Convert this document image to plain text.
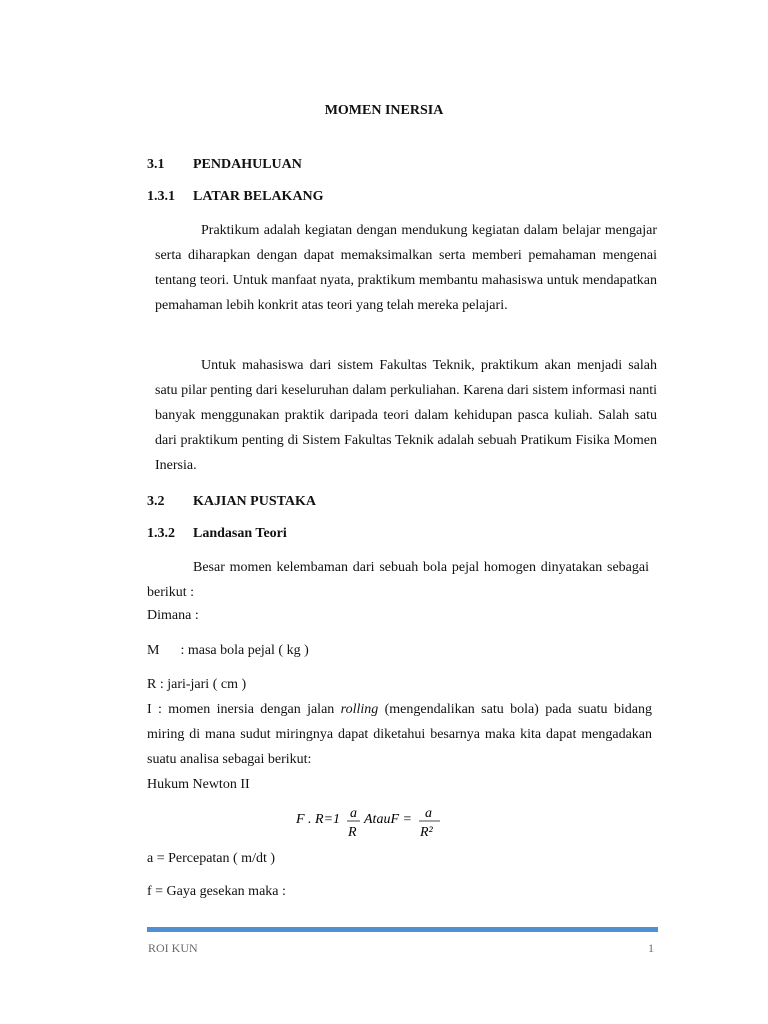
MOMEN INERSIA
3.1 PENDAHULUAN
1.3.1 LATAR BELAKANG

Praktikum adalah kegiatan dengan mendukung kegiatan dalam belajar mengajar serta diharapkan dengan dapat memaksimalkan serta memberi pemahaman mengenai tentang teori. Untuk manfaat nyata, praktikum membantu mahasiswa untuk mendapatkan pemahaman lebih konkrit atas teori yang telah mereka pelajari.

Untuk mahasiswa dari sistem Fakultas Teknik, praktikum akan menjadi salah satu pilar penting dari keseluruhan dalam perkuliahan. Karena dari sistem informasi nanti banyak menggunakan praktik daripada teori dalam kehidupan pasca kuliah. Salah satu dari praktikum penting di Sistem Fakultas Teknik adalah sebuah Pratikum Fisika Momen Inersia.

3.2 KAJIAN PUSTAKA
1.3.2 Landasan Teori

Besar momen kelembaman dari sebuah bola pejal homogen dinyatakan sebagai berikut :

Dimana :
M      : masa bola pejal ( kg )
R : jari-jari ( cm )

I : momen inersia dengan jalan rolling (mengendalikan satu bola) pada suatu bidang miring di mana sudut miringnya dapat diketahui besarnya maka kita dapat mengadakan suatu analisa sebagai berikut:

Hukum Newton II
F . R=1 a
R
AtauF = a
R²
a = Percepatan ( m/dt )
f = Gaya gesekan maka :
ROI KUN	1
